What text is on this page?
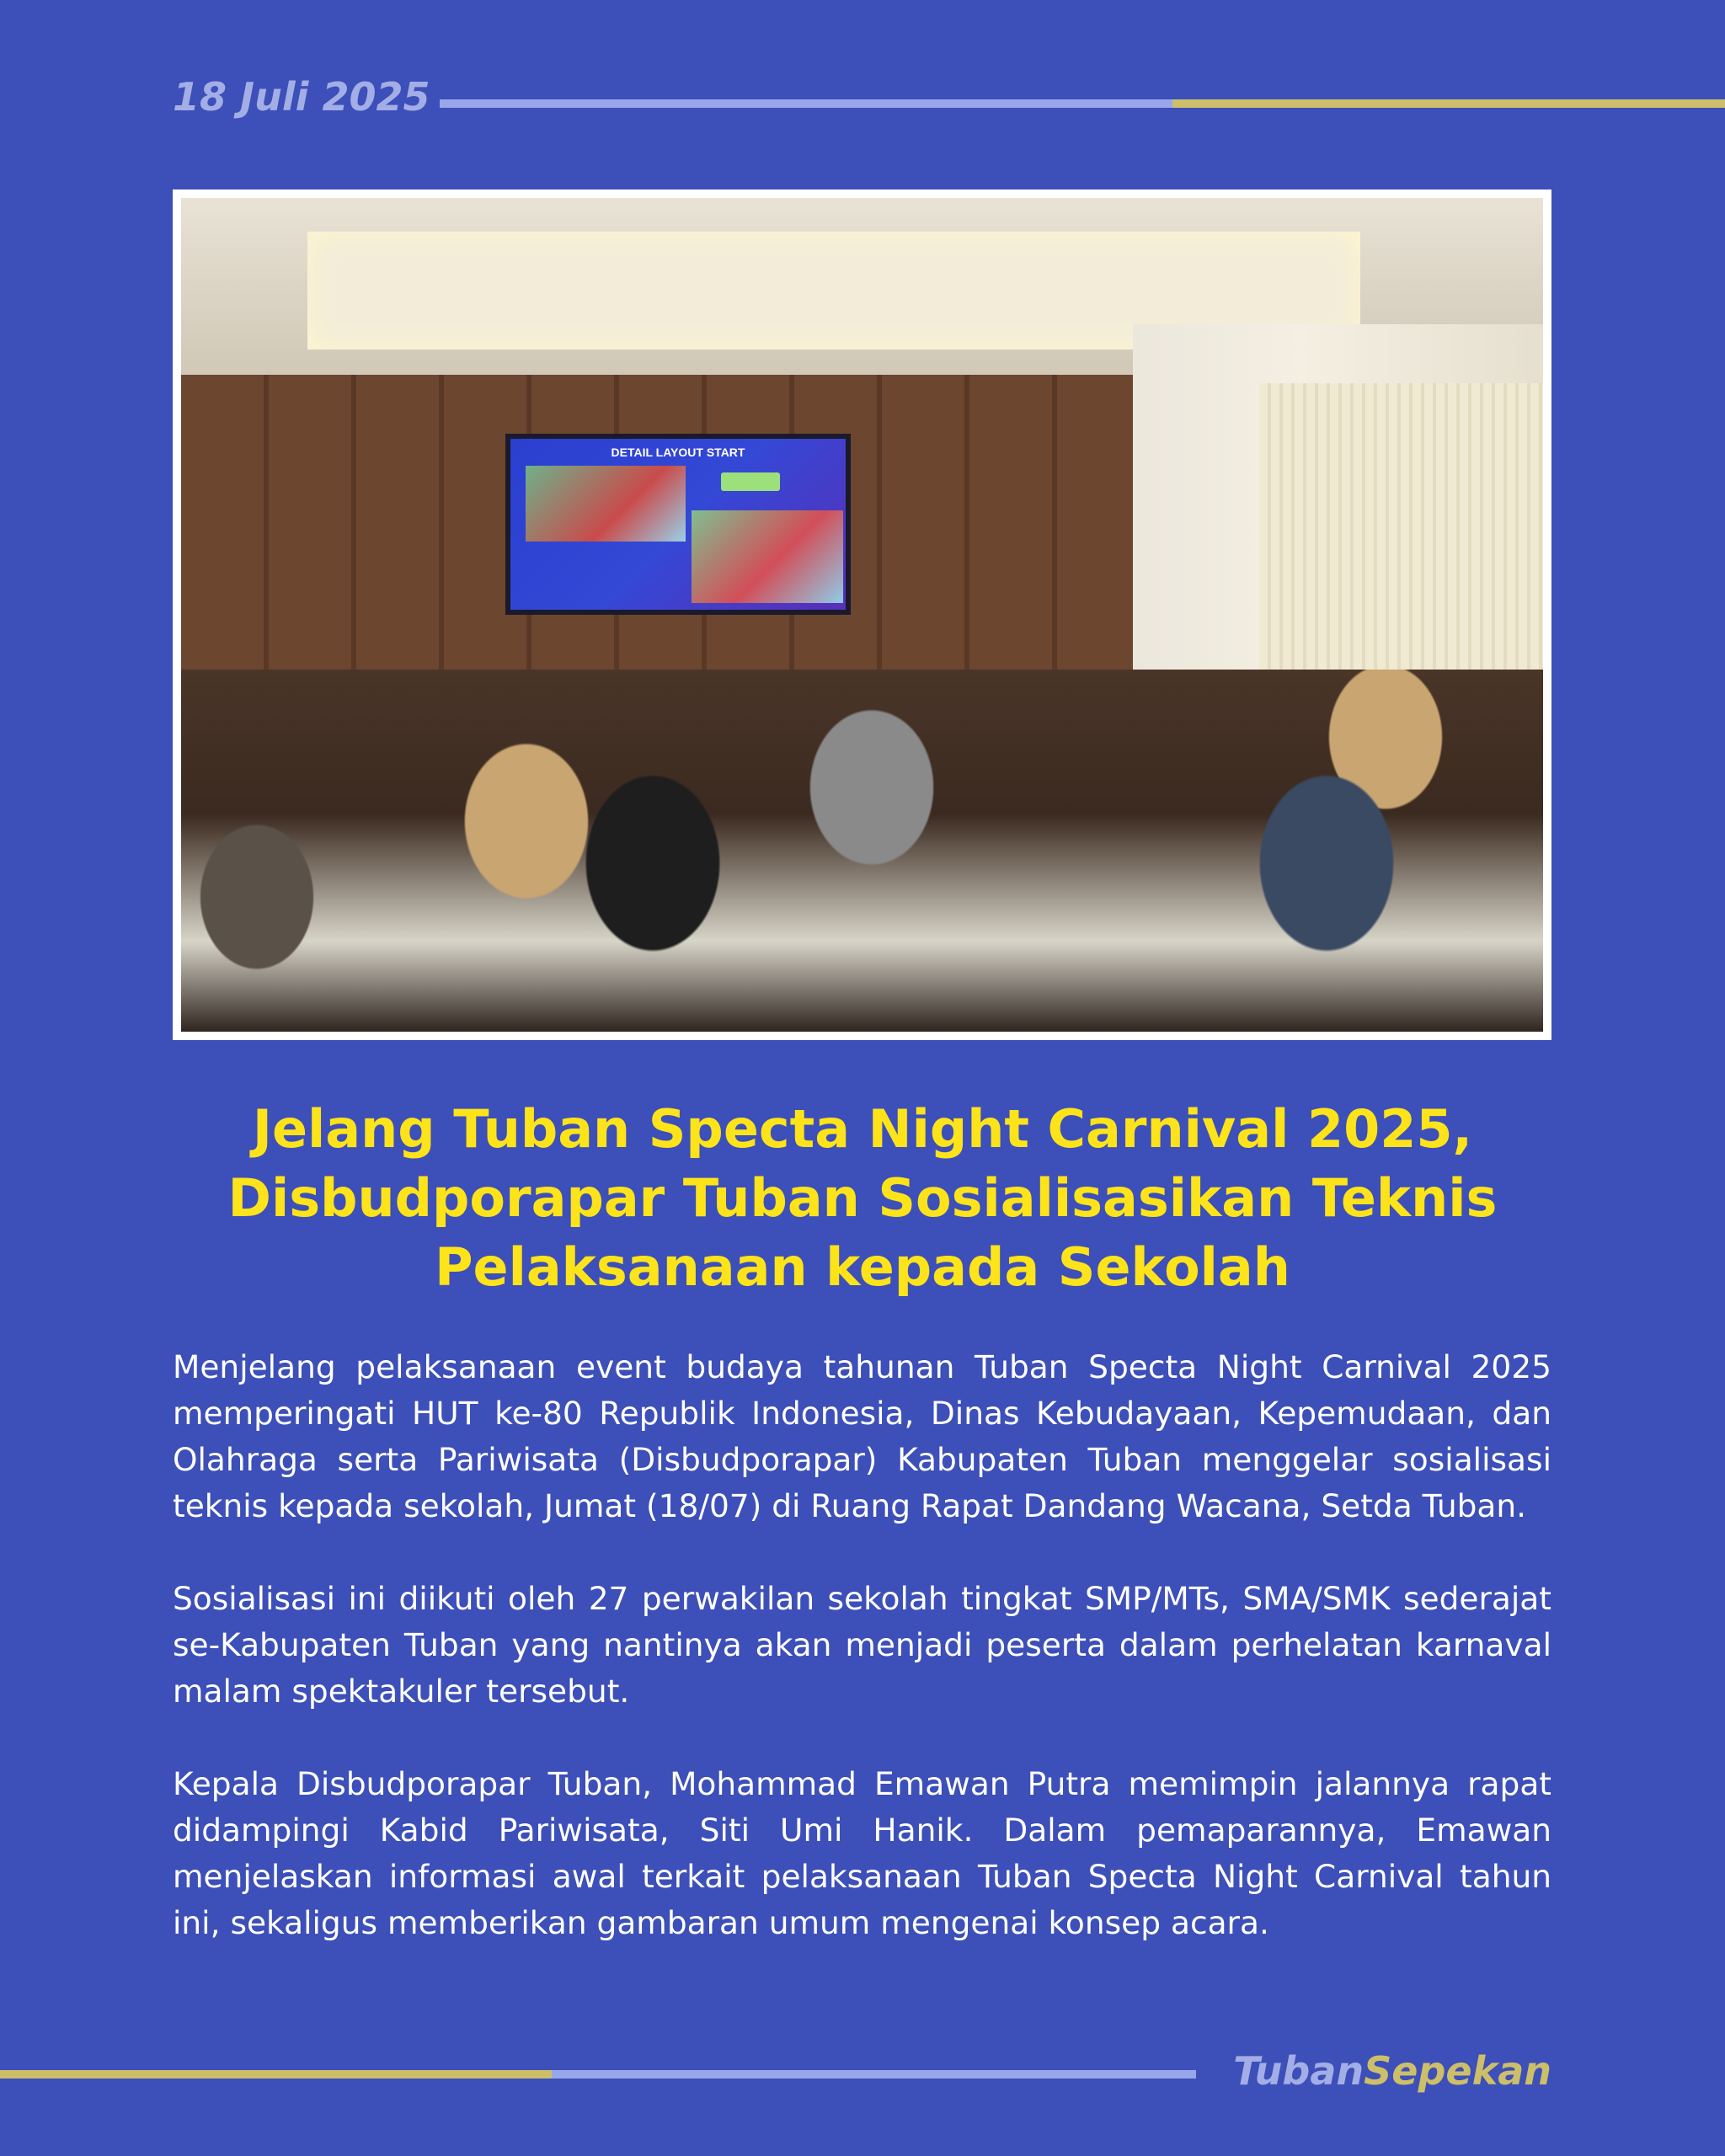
18 Juli 2025
DETAIL LAYOUT START
Jelang Tuban Specta Night Carnival 2025, Disbudporapar Tuban Sosialisasikan Teknis Pelaksanaan kepada Sekolah

Menjelang pelaksanaan event budaya tahunan Tuban Specta Night Carnival 2025 memperingati HUT ke-80 Republik Indonesia, Dinas Kebudayaan, Kepemudaan, dan Olahraga serta Pariwisata (Disbudporapar) Kabupaten Tuban menggelar sosialisasi teknis kepada sekolah, Jumat (18/07) di Ruang Rapat Dandang Wacana, Setda Tuban.

Sosialisasi ini diikuti oleh 27 perwakilan sekolah tingkat SMP/MTs, SMA/SMK sederajat se-Kabupaten Tuban yang nantinya akan menjadi peserta dalam perhelatan karnaval malam spektakuler tersebut.

Kepala Disbudporapar Tuban, Mohammad Emawan Putra memimpin jalannya rapat didampingi Kabid Pariwisata, Siti Umi Hanik. Dalam pemaparannya, Emawan menjelaskan informasi awal terkait pelaksanaan Tuban Specta Night Carnival tahun ini, sekaligus memberikan gambaran umum mengenai konsep acara.

TubanSepekan
